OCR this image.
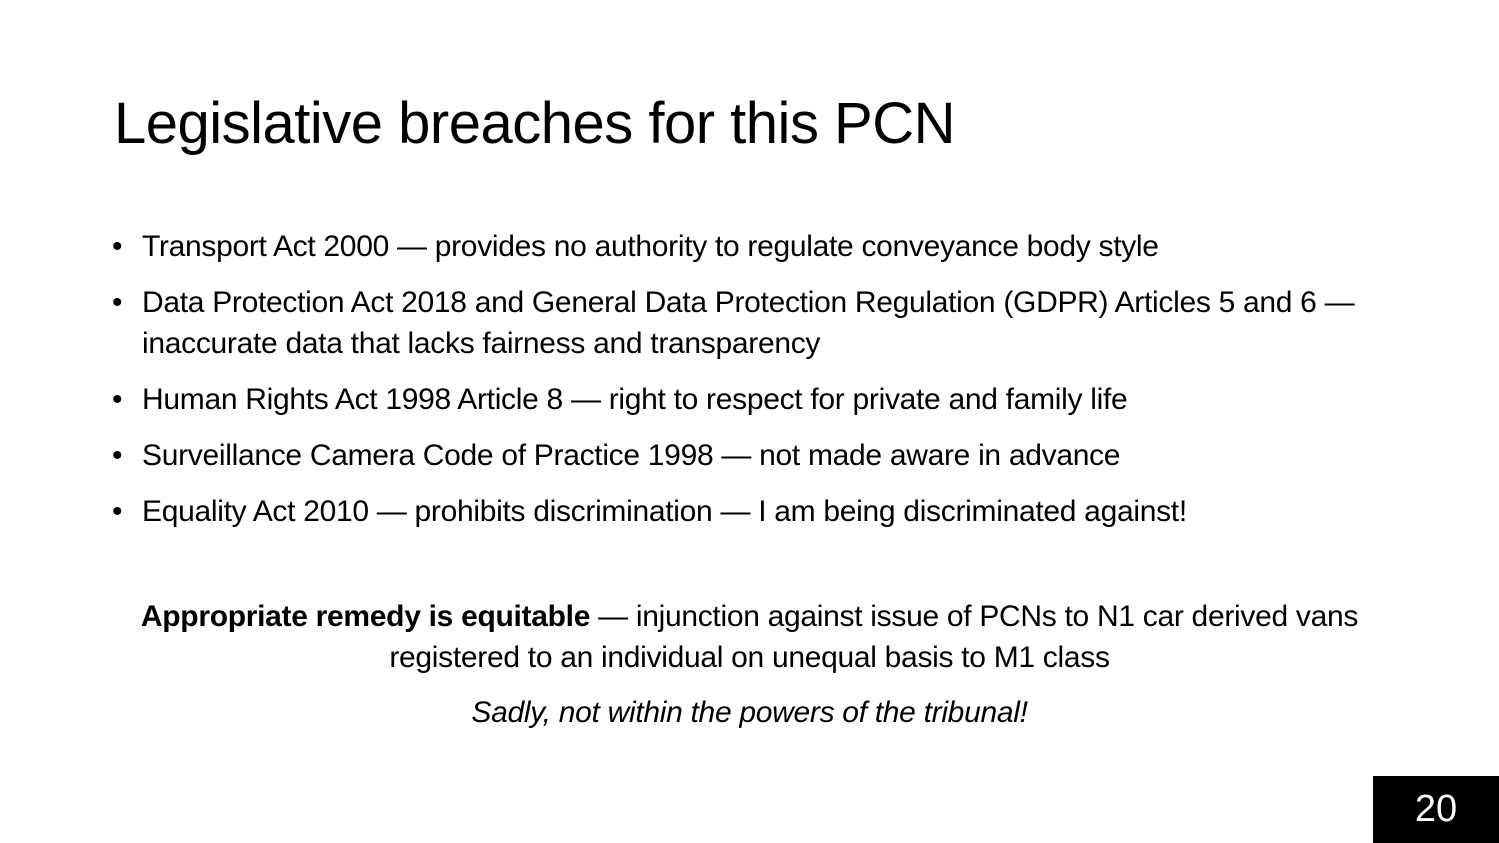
Legislative breaches for this PCN
• Transport Act 2000 — provides no authority to regulate conveyance body style
• Data Protection Act 2018 and General Data Protection Regulation (GDPR) Articles 5 and 6 — inaccurate data that lacks fairness and transparency
• Human Rights Act 1998 Article 8 — right to respect for private and family life
• Surveillance Camera Code of Practice 1998 — not made aware in advance
• Equality Act 2010 — prohibits discrimination — I am being discriminated against!

Appropriate remedy is equitable — injunction against issue of PCNs to N1 car derived vans registered to an individual on unequal basis to M1 class

Sadly, not within the powers of the tribunal!

20
